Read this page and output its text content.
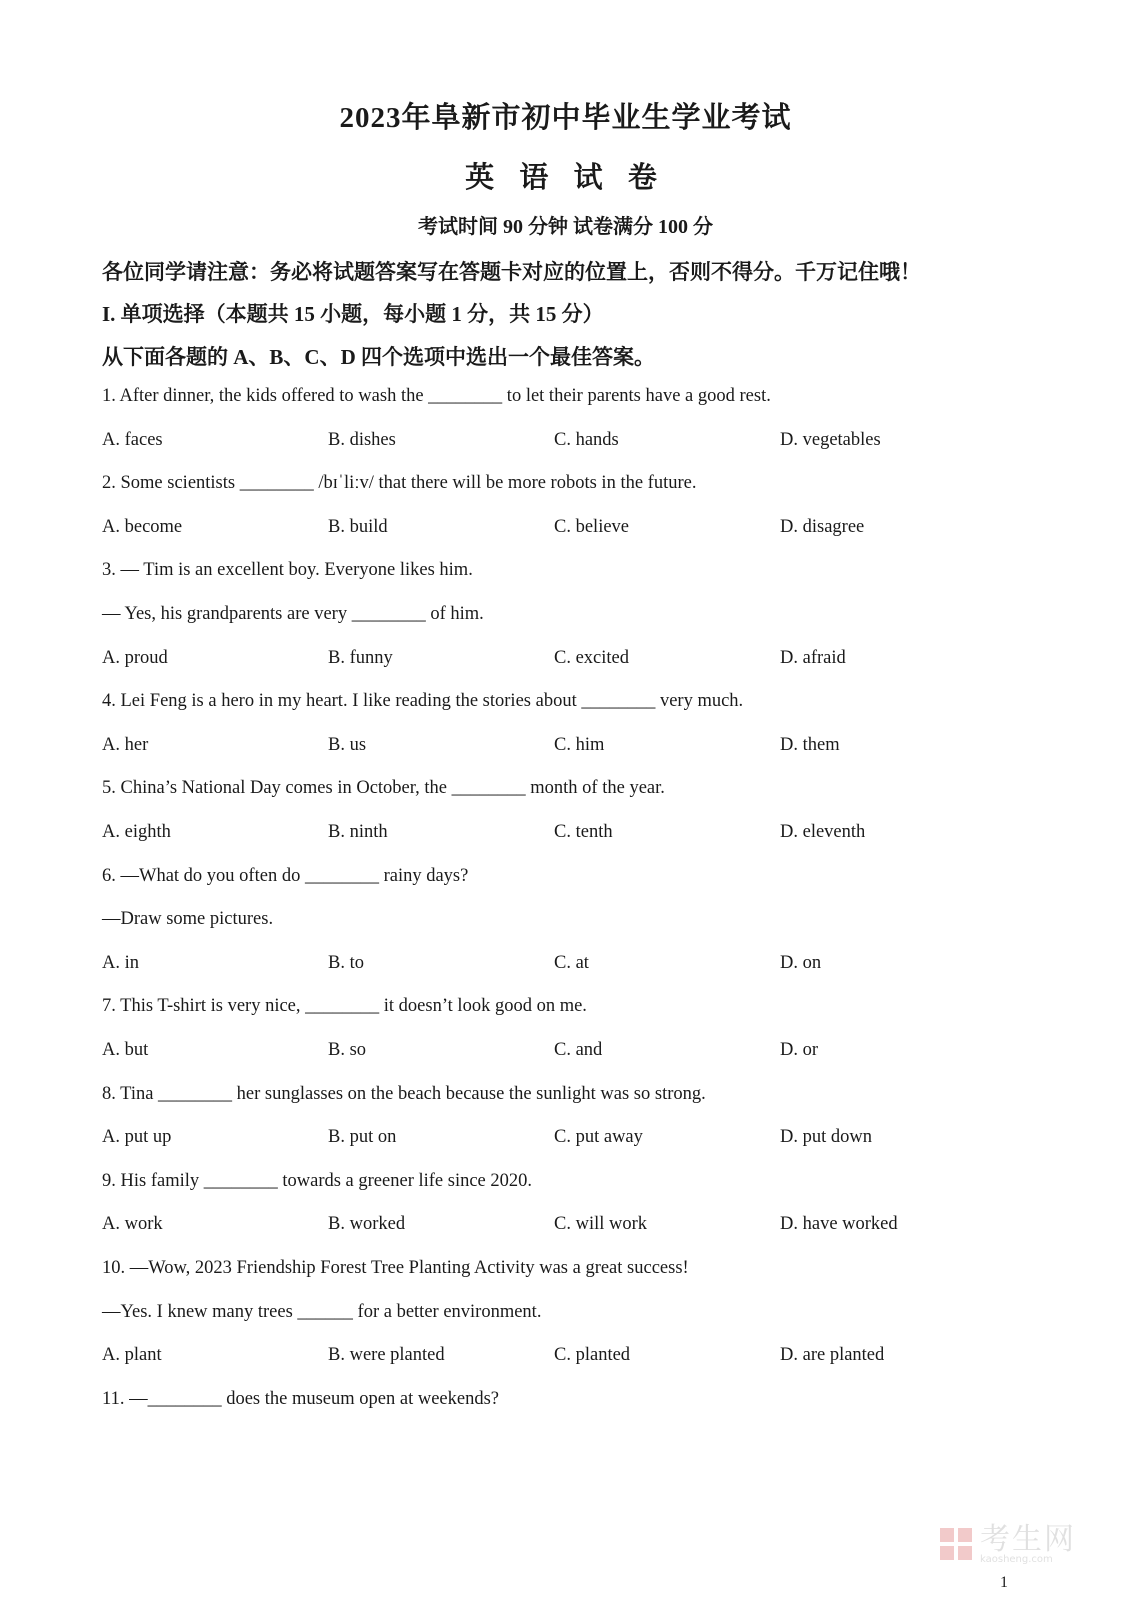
2023年阜新市初中毕业生学业考试
英 语 试 卷
考试时间 90 分钟 试卷满分 100 分
各位同学请注意：务必将试题答案写在答题卡对应的位置上，否则不得分。千万记住哦！
I. 单项选择（本题共 15 小题，每小题 1 分，共 15 分）
从下面各题的 A、B、C、D 四个选项中选出一个最佳答案。
1. After dinner, the kids offered to wash the ________ to let their parents have a good rest.
A. faces	B. dishes	C. hands	D. vegetables
2. Some scientists ________ /bɪˈliːv/ that there will be more robots in the future.
A. become	B. build	C. believe	D. disagree
3. — Tim is an excellent boy. Everyone likes him.
— Yes, his grandparents are very ________ of him.
A. proud	B. funny	C. excited	D. afraid
4. Lei Feng is a hero in my heart. I like reading the stories about ________ very much.
A. her	B. us	C. him	D. them
5. China’s National Day comes in October, the ________ month of the year.
A. eighth	B. ninth	C. tenth	D. eleventh
6. —What do you often do ________ rainy days?
—Draw some pictures.
A. in	B. to	C. at	D. on
7. This T-shirt is very nice, ________ it doesn’t look good on me.
A. but	B. so	C. and	D. or
8. Tina ________ her sunglasses on the beach because the sunlight was so strong.
A. put up	B. put on	C. put away	D. put down
9. His family ________ towards a greener life since 2020.
A. work	B. worked	C. will work	D. have worked
10. —Wow, 2023 Friendship Forest Tree Planting Activity was a great success!
—Yes. I knew many trees ______ for a better environment.
A. plant	B. were planted	C. planted	D. are planted
11. —________ does the museum open at weekends?
考生网
kaosheng.com
1
